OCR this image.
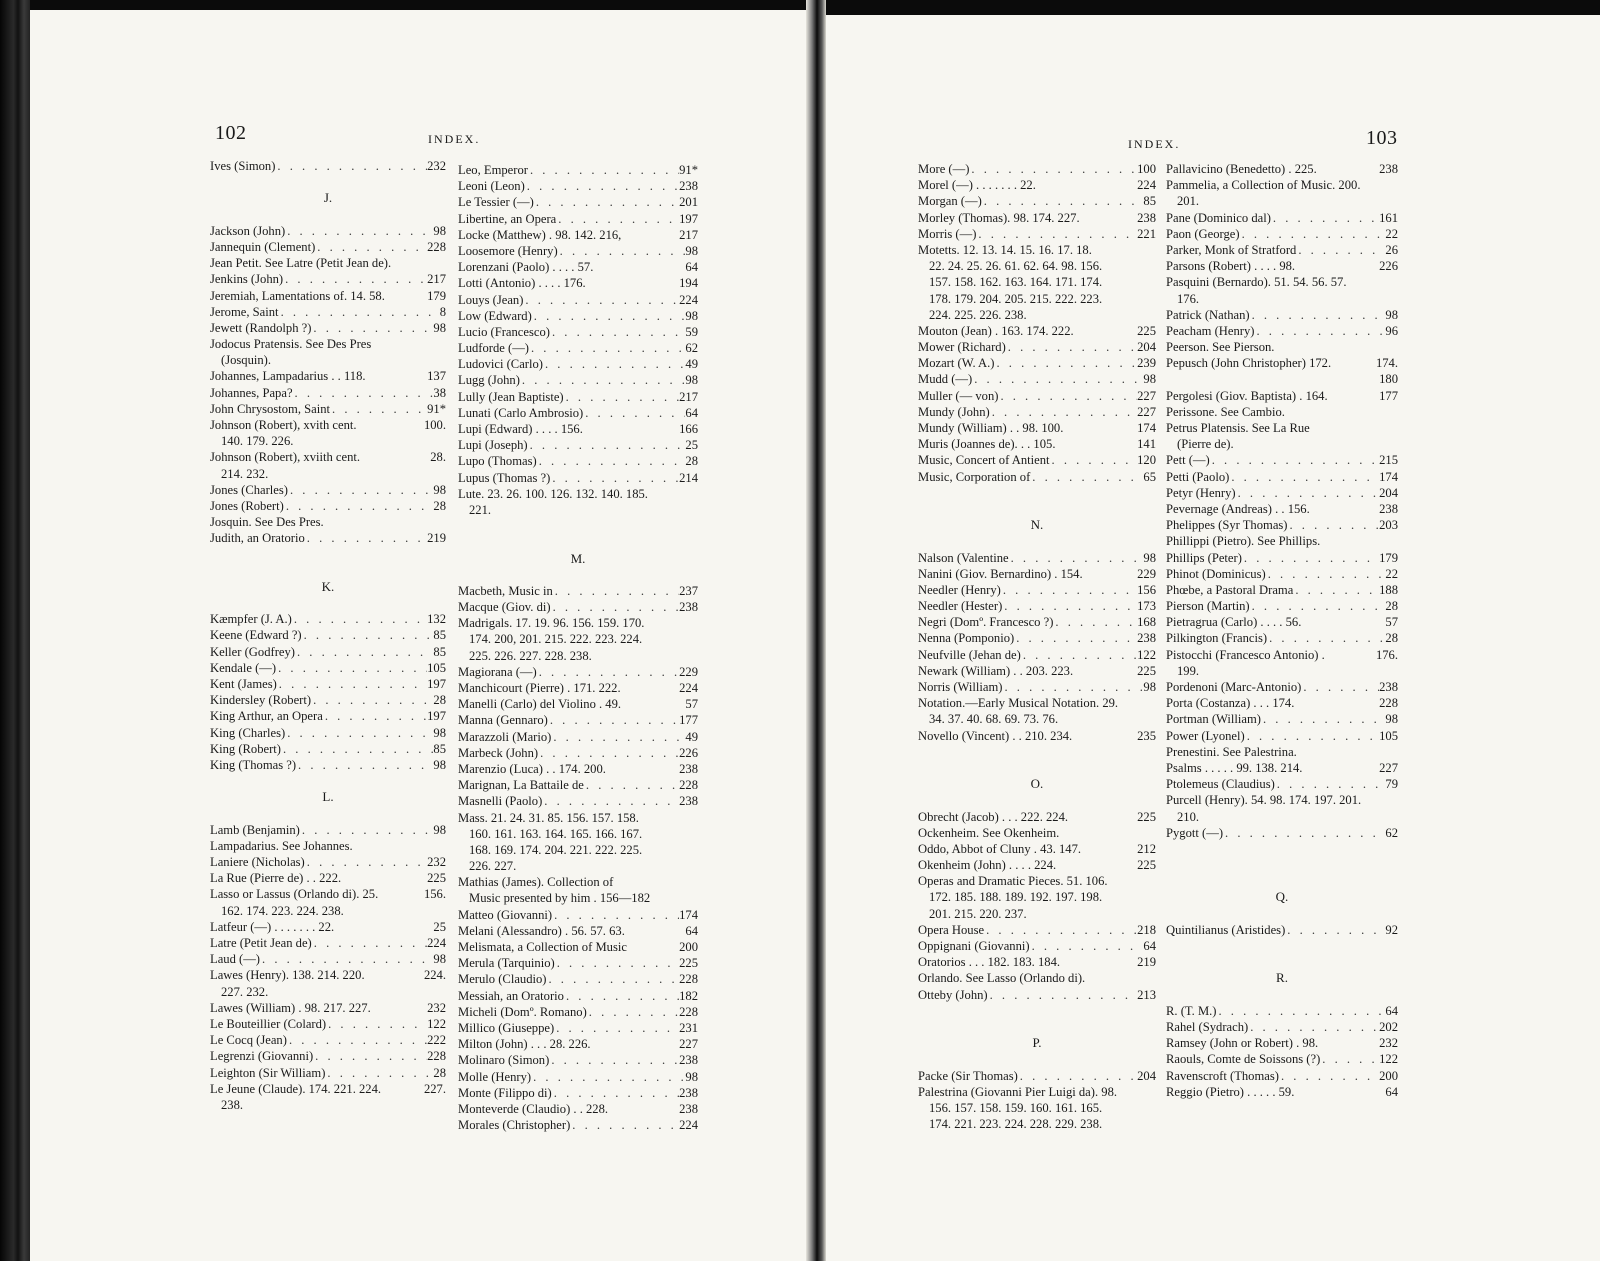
102	INDEX.
Ives (Simon) . . .	232
J.
Jackson (John) . . .	98
Jannequin (Clement) . . .	228
Jean Petit. See Latre (Petit Jean de).
Jenkins (John) . . .	217
Jeremiah, Lamentations of. 14. 58.	179
Jerome, Saint . . .	8
Jewett (Randolph ?) . . .	98
Jodocus Pratensis. See Des Pres
(Josquin).
Johannes, Lampadarius . . 118.	137
Johannes, Papa? . . .	38
John Chrysostom, Saint . . .	91*
Johnson (Robert), xvith cent.	100.
140. 179. 226.
Johnson (Robert), xviith cent.	28.
214. 232.
Jones (Charles) . . .	98
Jones (Robert) . . .	28
Josquin. See Des Pres.
Judith, an Oratorio . . .	219
K.
Kæmpfer (J. A.) . . .	132
Keene (Edward ?) . . .	85
Keller (Godfrey) . . .	85
Kendale (—) . . .	105
Kent (James) . . .	197
Kindersley (Robert) . . .	28
King Arthur, an Opera . . .	197
King (Charles) . . .	98
King (Robert) . . .	85
King (Thomas ?) . . .	98
L.
Lamb (Benjamin) . . .	98
Lampadarius. See Johannes.
Laniere (Nicholas) . . .	232
La Rue (Pierre de) . . 222.	225
Lasso or Lassus (Orlando di). 25.	156.
162. 174. 223. 224. 238.
Latfeur (—) . . . . . . . 22.	25
Latre (Petit Jean de) . . .	224
Laud (—) . . .	98
Lawes (Henry). 138. 214. 220.	224.
227. 232.
Lawes (William) . 98. 217. 227.	232
Le Bouteillier (Colard) . . .	122
Le Cocq (Jean) . . .	222
Legrenzi (Giovanni) . . .	228
Leighton (Sir William) . . .	28
Le Jeune (Claude). 174. 221. 224.	227.
238.
Leo, Emperor . . .	91*
Leoni (Leon) . . .	238
Le Tessier (—) . . .	201
Libertine, an Opera . . .	197
Locke (Matthew) . 98. 142. 216,	217
Loosemore (Henry) . . .	98
Lorenzani (Paolo) . . . . 57.	64
Lotti (Antonio) . . . . 176.	194
Louys (Jean) . . .	224
Low (Edward) . . .	98
Lucio (Francesco) . . .	59
Ludforde (—) . . .	62
Ludovici (Carlo) . . .	49
Lugg (John) . . .	98
Lully (Jean Baptiste) . . .	217
Lunati (Carlo Ambrosio) . . .	64
Lupi (Edward) . . . . 156.	166
Lupi (Joseph) . . .	25
Lupo (Thomas) . . .	28
Lupus (Thomas ?) . . .	214
Lute. 23. 26. 100. 126. 132. 140. 185.
221.
M.
Macbeth, Music in . . .	237
Macque (Giov. di) . . .	238
Madrigals. 17. 19. 96. 156. 159. 170.
174. 200, 201. 215. 222. 223. 224.
225. 226. 227. 228. 238.
Magiorana (—) . . .	229
Manchicourt (Pierre) . 171. 222.	224
Manelli (Carlo) del Violino . 49.	57
Manna (Gennaro) . . .	177
Marazzoli (Mario) . . .	49
Marbeck (John) . . .	226
Marenzio (Luca) . . 174. 200.	238
Marignan, La Battaile de . . .	228
Masnelli (Paolo) . . .	238
Mass. 21. 24. 31. 85. 156. 157. 158.
160. 161. 163. 164. 165. 166. 167.
168. 169. 174. 204. 221. 222. 225.
226. 227.
Mathias (James). Collection of
Music presented by him . 156—182
Matteo (Giovanni) . . .	174
Melani (Alessandro) . 56. 57. 63.	64
Melismata, a Collection of Music	200
Merula (Tarquinio) . . .	225
Merulo (Claudio) . . .	228
Messiah, an Oratorio . . .	182
Micheli (Domº. Romano) . . .	228
Millico (Giuseppe) . . .	231
Milton (John) . . . 28. 226.	227
Molinaro (Simon) . . .	238
Molle (Henry) . . .	98
Monte (Filippo di) . . .	238
Monteverde (Claudio) . . 228.	238
Morales (Christopher) . . .	224
INDEX.	103
More (—) . . .	100
Morel (—) . . . . . . . 22.	224
Morgan (—) . . .	85
Morley (Thomas). 98. 174. 227.	238
Morris (—) . . .	221
Motetts. 12. 13. 14. 15. 16. 17. 18.
22. 24. 25. 26. 61. 62. 64. 98. 156.
157. 158. 162. 163. 164. 171. 174.
178. 179. 204. 205. 215. 222. 223.
224. 225. 226. 238.
Mouton (Jean) . 163. 174. 222.	225
Mower (Richard) . . .	204
Mozart (W. A.) . . .	239
Mudd (—) . . .	98
Muller (— von) . . .	227
Mundy (John) . . .	227
Mundy (William) . . 98. 100.	174
Muris (Joannes de). . . 105.	141
Music, Concert of Antient . . .	120
Music, Corporation of . . .	65
N.
Nalson (Valentine . . .	98
Nanini (Giov. Bernardino) . 154.	229
Needler (Henry) . . .	156
Needler (Hester) . . .	173
Negri (Domº. Francesco ?) . . .	168
Nenna (Pomponio) . . .	238
Neufville (Jehan de) . . .	122
Newark (William) . . 203. 223.	225
Norris (William) . . .	98
Notation.—Early Musical Notation. 29.
34. 37. 40. 68. 69. 73. 76.
Novello (Vincent) . . 210. 234.	235
O.
Obrecht (Jacob) . . . 222. 224.	225
Ockenheim. See Okenheim.
Oddo, Abbot of Cluny . 43. 147.	212
Okenheim (John) . . . . 224.	225
Operas and Dramatic Pieces. 51. 106.
172. 185. 188. 189. 192. 197. 198.
201. 215. 220. 237.
Opera House . . .	218
Oppignani (Giovanni) . . .	64
Oratorios . . . 182. 183. 184.	219
Orlando. See Lasso (Orlando di).
Otteby (John) . . .	213
P.
Packe (Sir Thomas) . . .	204
Palestrina (Giovanni Pier Luigi da). 98.
156. 157. 158. 159. 160. 161. 165.
174. 221. 223. 224. 228. 229. 238.
Pallavicino (Benedetto) . 225.	238
Pammelia, a Collection of Music. 200.
201.
Pane (Dominico dal) . . .	161
Paon (George) . . .	22
Parker, Monk of Stratford . . .	26
Parsons (Robert) . . . . 98.	226
Pasquini (Bernardo). 51. 54. 56. 57.
176.
Patrick (Nathan) . . .	98
Peacham (Henry) . . .	96
Peerson. See Pierson.
Pepusch (John Christopher) 172.	174.
180
Pergolesi (Giov. Baptista) . 164.	177
Perissone. See Cambio.
Petrus Platensis. See La Rue
(Pierre de).
Pett (—) . . .	215
Petti (Paolo) . . .	174
Petyr (Henry) . . .	204
Pevernage (Andreas) . . 156.	238
Phelippes (Syr Thomas) . . .	203
Phillippi (Pietro). See Phillips.
Phillips (Peter) . . .	179
Phinot (Dominicus) . . .	22
Phœbe, a Pastoral Drama . . .	188
Pierson (Martin) . . .	28
Pietragrua (Carlo) . . . . 56.	57
Pilkington (Francis) . . .	28
Pistocchi (Francesco Antonio) .	176.
199.
Pordenoni (Marc-Antonio) . . .	238
Porta (Costanza) . . . 174.	228
Portman (William) . . .	98
Power (Lyonel) . . .	105
Prenestini. See Palestrina.
Psalms . . . . . 99. 138. 214.	227
Ptolemeus (Claudius) . . .	79
Purcell (Henry). 54. 98. 174. 197. 201.
210.
Pygott (—) . . .	62
Q.
Quintilianus (Aristides) . . .	92
R.
R. (T. M.) . . .	64
Rahel (Sydrach) . . .	202
Ramsey (John or Robert) . 98.	232
Raouls, Comte de Soissons (?) . . .	122
Ravenscroft (Thomas) . . .	200
Reggio (Pietro) . . . . . 59.	64
